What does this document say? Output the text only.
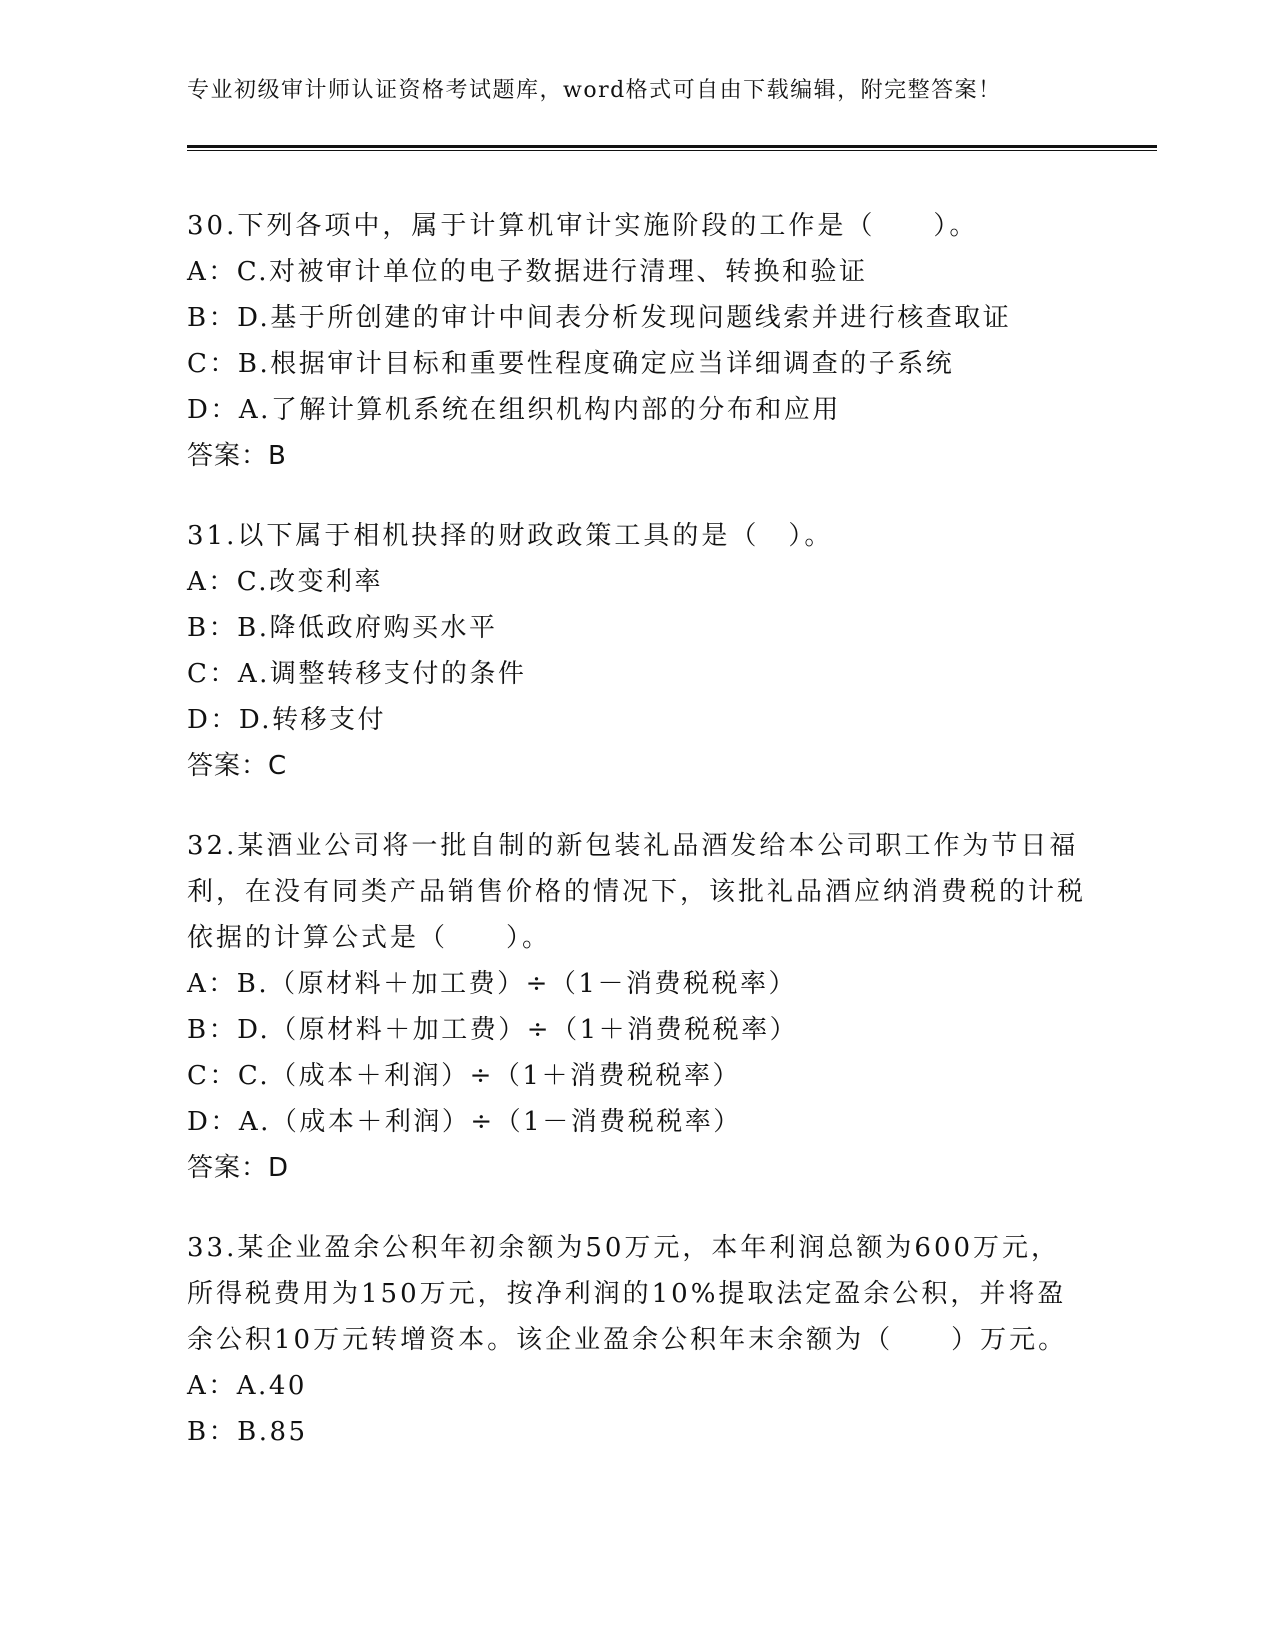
专业初级审计师认证资格考试题库，word格式可自由下载编辑，附完整答案！
30.下列各项中，属于计算机审计实施阶段的工作是（　　）。
A：C.对被审计单位的电子数据进行清理、转换和验证
B：D.基于所创建的审计中间表分析发现问题线索并进行核查取证
C：B.根据审计目标和重要性程度确定应当详细调查的子系统
D：A.了解计算机系统在组织机构内部的分布和应用
答案：B
31.以下属于相机抉择的财政政策工具的是（　）。
A：C.改变利率
B：B.降低政府购买水平
C：A.调整转移支付的条件
D：D.转移支付
答案：C
32.某酒业公司将一批自制的新包装礼品酒发给本公司职工作为节日福利，在没有同类产品销售价格的情况下，该批礼品酒应纳消费税的计税依据的计算公式是（　　）。
A：B.（原材料＋加工费）÷（1－消费税税率）
B：D.（原材料＋加工费）÷（1＋消费税税率）
C：C.（成本＋利润）÷（1＋消费税税率）
D：A.（成本＋利润）÷（1－消费税税率）
答案：D
33.某企业盈余公积年初余额为50万元，本年利润总额为600万元，所得税费用为150万元，按净利润的10%提取法定盈余公积，并将盈余公积10万元转增资本。该企业盈余公积年末余额为（　　）万元。
A：A.40
B：B.85
